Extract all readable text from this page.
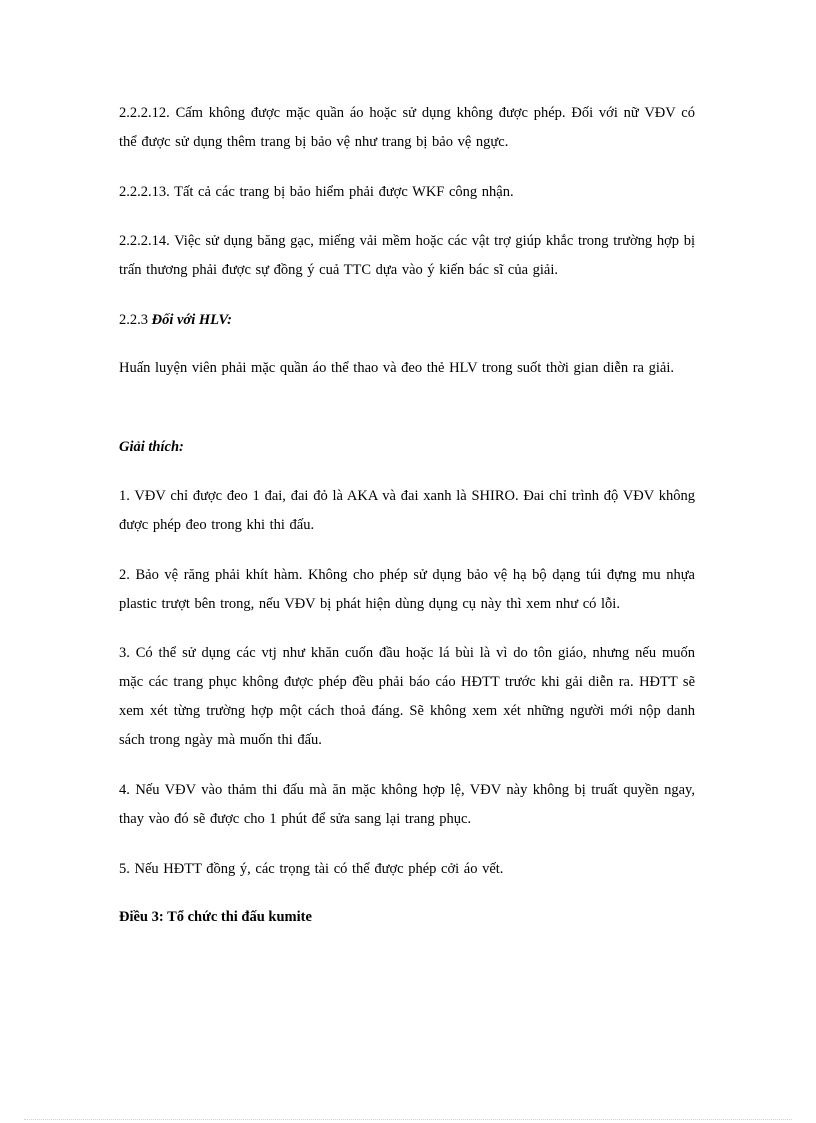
2.2.2.12. Cấm không được mặc quần áo hoặc sử dụng không được phép. Đối với nữ VĐV có thể được sử dụng thêm trang bị bảo vệ như trang bị bảo vệ ngực.

2.2.2.13. Tất cả các trang bị bảo hiểm phải được WKF công nhận.

2.2.2.14. Việc sử dụng băng gạc, miếng vải mềm hoặc các vật trợ giúp khắc trong trường hợp bị trấn thương phải được sự đồng ý cuả TTC dựa vào ý kiến bác sĩ của giải.

2.2.3 Đối với HLV:

Huấn luyện viên phải mặc quần áo thể thao và đeo thẻ HLV trong suốt thời gian diễn ra giải.

Giải thích:

1. VĐV chỉ được đeo 1 đai, đai đỏ là AKA và đai xanh là SHIRO. Đai chỉ trình độ VĐV không được phép đeo trong khi thi đấu.

2. Bảo vệ răng phải khít hàm. Không cho phép sử dụng bảo vệ hạ bộ dạng túi đựng mu nhựa plastic trượt bên trong, nếu VĐV bị phát hiện dùng dụng cụ này thì xem như có lỗi.

3. Có thể sử dụng các vtj như khăn cuốn đầu hoặc lá bùi là vì do tôn giáo, nhưng nếu muốn mặc các trang phục không được phép đều phải báo cáo HĐTT trước khi gải diễn ra. HĐTT sẽ xem xét từng trường hợp một cách thoả đáng. Sẽ không xem xét những người mới nộp danh sách trong ngày mà muốn thi đấu.

4. Nếu VĐV vào thảm thi đấu mà ăn mặc không hợp lệ, VĐV này không bị truất quyền ngay, thay vào đó sẽ được cho 1 phút để sửa sang lại trang phục.

5. Nếu HĐTT đồng ý, các trọng tài có thể được phép cởi áo vết.

Điều 3: Tổ chức thi đấu kumite
